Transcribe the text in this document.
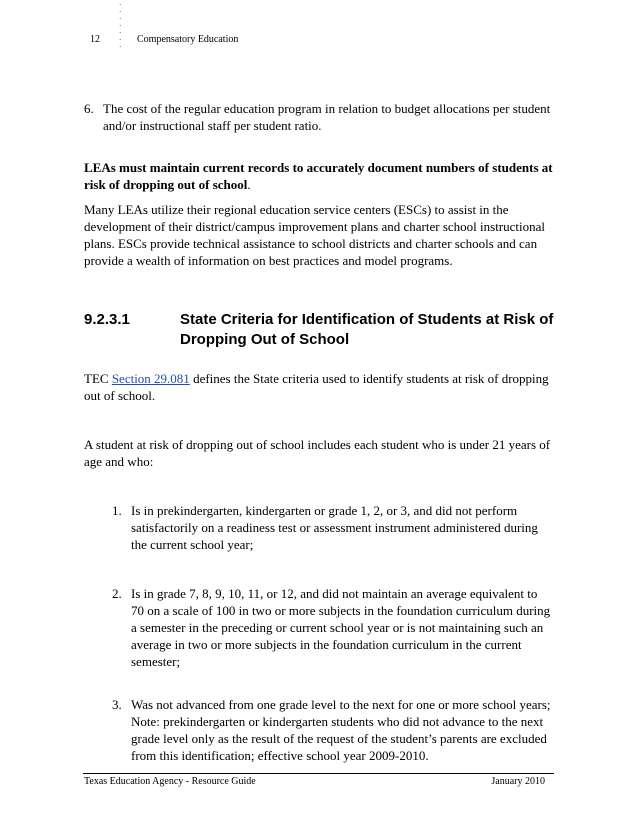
·
·
·
·
·
·
·
12	Compensatory Education
6. The cost of the regular education program in relation to budget allocations per student and/or instructional staff per student ratio.
LEAs must maintain current records to accurately document numbers of students at risk of dropping out of school.
Many LEAs utilize their regional education service centers (ESCs) to assist in the development of their district/campus improvement plans and charter school instructional plans. ESCs provide technical assistance to school districts and charter schools and can provide a wealth of information on best practices and model programs.
9.2.3.1	State Criteria for Identification of Students at Risk of Dropping Out of School
TEC Section 29.081 defines the State criteria used to identify students at risk of dropping out of school.
A student at risk of dropping out of school includes each student who is under 21 years of age and who:
1. Is in prekindergarten, kindergarten or grade 1, 2, or 3, and did not perform satisfactorily on a readiness test or assessment instrument administered during the current school year;
2. Is in grade 7, 8, 9, 10, 11, or 12, and did not maintain an average equivalent to 70 on a scale of 100 in two or more subjects in the foundation curriculum during a semester in the preceding or current school year or is not maintaining such an average in two or more subjects in the foundation curriculum in the current semester;
3. Was not advanced from one grade level to the next for one or more school years; Note: prekindergarten or kindergarten students who did not advance to the next grade level only as the result of the request of the student’s parents are excluded from this identification; effective school year 2009-2010.
Texas Education Agency - Resource Guide	January 2010
